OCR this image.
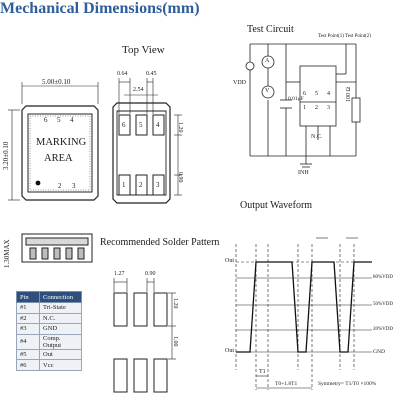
Mechanical Dimensions(mm)
Top View
5.00±0.10
3.20±0.10
1.30MAX
6 5 4
MARKING
AREA
2 3
0.64	0.45
2.54
1.20
0.90
6 5 4
1 2 3
Recommended Solder Pattern
1.27	0.90
1.20
1.00
Pin	Connection
#1	Tri-State
#2	N.C.
#3	GND
#4	Comp. Output
#5	Out
#6	Vcc
Test Circuit
Test Point(1) Test Point(2)
VDD
A
V
0.01μF
6 5 4
1 2 3
100 Ω
N.C.
INH
Output Waveform
Out
Out
80%VDD
50%VDD
20%VDD
GND
T1
T0+1.8T1	Symmetry= T1/T0 ×100%
